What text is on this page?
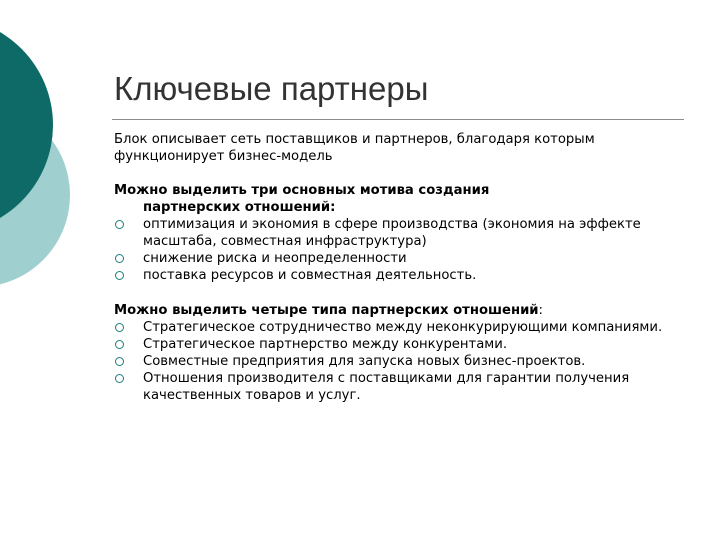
Ключевые партнеры

Блок описывает сеть поставщиков и партнеров, благодаря которым функционирует бизнес-модель

Можно выделить три основных мотива создания
партнерских отношений:

оптимизация и экономия в сфере производства (экономия на эффекте масштаба, совместная инфраструктура)
снижение риска и неопределенности
поставка ресурсов и совместная деятельность.

Можно выделить четыре типа партнерских отношений:

Стратегическое сотрудничество между неконкурирующими компаниями.
Стратегическое партнерство между конкурентами.
Совместные предприятия для запуска новых бизнес-проектов.
Отношения производителя с поставщиками для гарантии получения качественных товаров и услуг.
